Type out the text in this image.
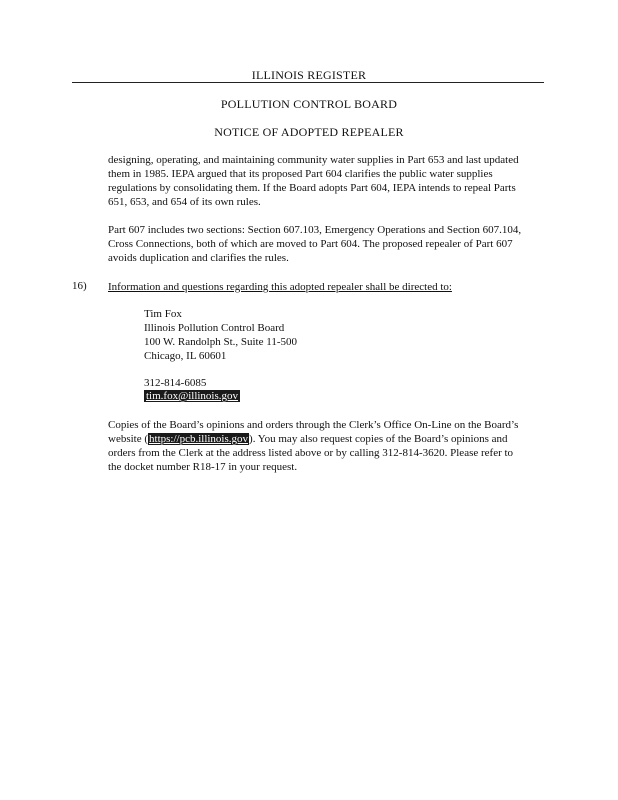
ILLINOIS REGISTER
POLLUTION CONTROL BOARD
NOTICE OF ADOPTED REPEALER

designing, operating, and maintaining community water supplies in Part 653 and last updated them in 1985. IEPA argued that its proposed Part 604 clarifies the public water supplies regulations by consolidating them. If the Board adopts Part 604, IEPA intends to repeal Parts 651, 653, and 654 of its own rules.

Part 607 includes two sections: Section 607.103, Emergency Operations and Section 607.104, Cross Connections, both of which are moved to Part 604. The proposed repealer of Part 607 avoids duplication and clarifies the rules.

16) Information and questions regarding this adopted repealer shall be directed to:
Tim Fox
Illinois Pollution Control Board
100 W. Randolph St., Suite 11-500
Chicago, IL 60601
312-814-6085
tim.fox@illinois.gov

Copies of the Board’s opinions and orders through the Clerk’s Office On-Line on the Board’s website (https://pcb.illinois.gov). You may also request copies of the Board’s opinions and orders from the Clerk at the address listed above or by calling 312-814-3620. Please refer to the docket number R18-17 in your request.
